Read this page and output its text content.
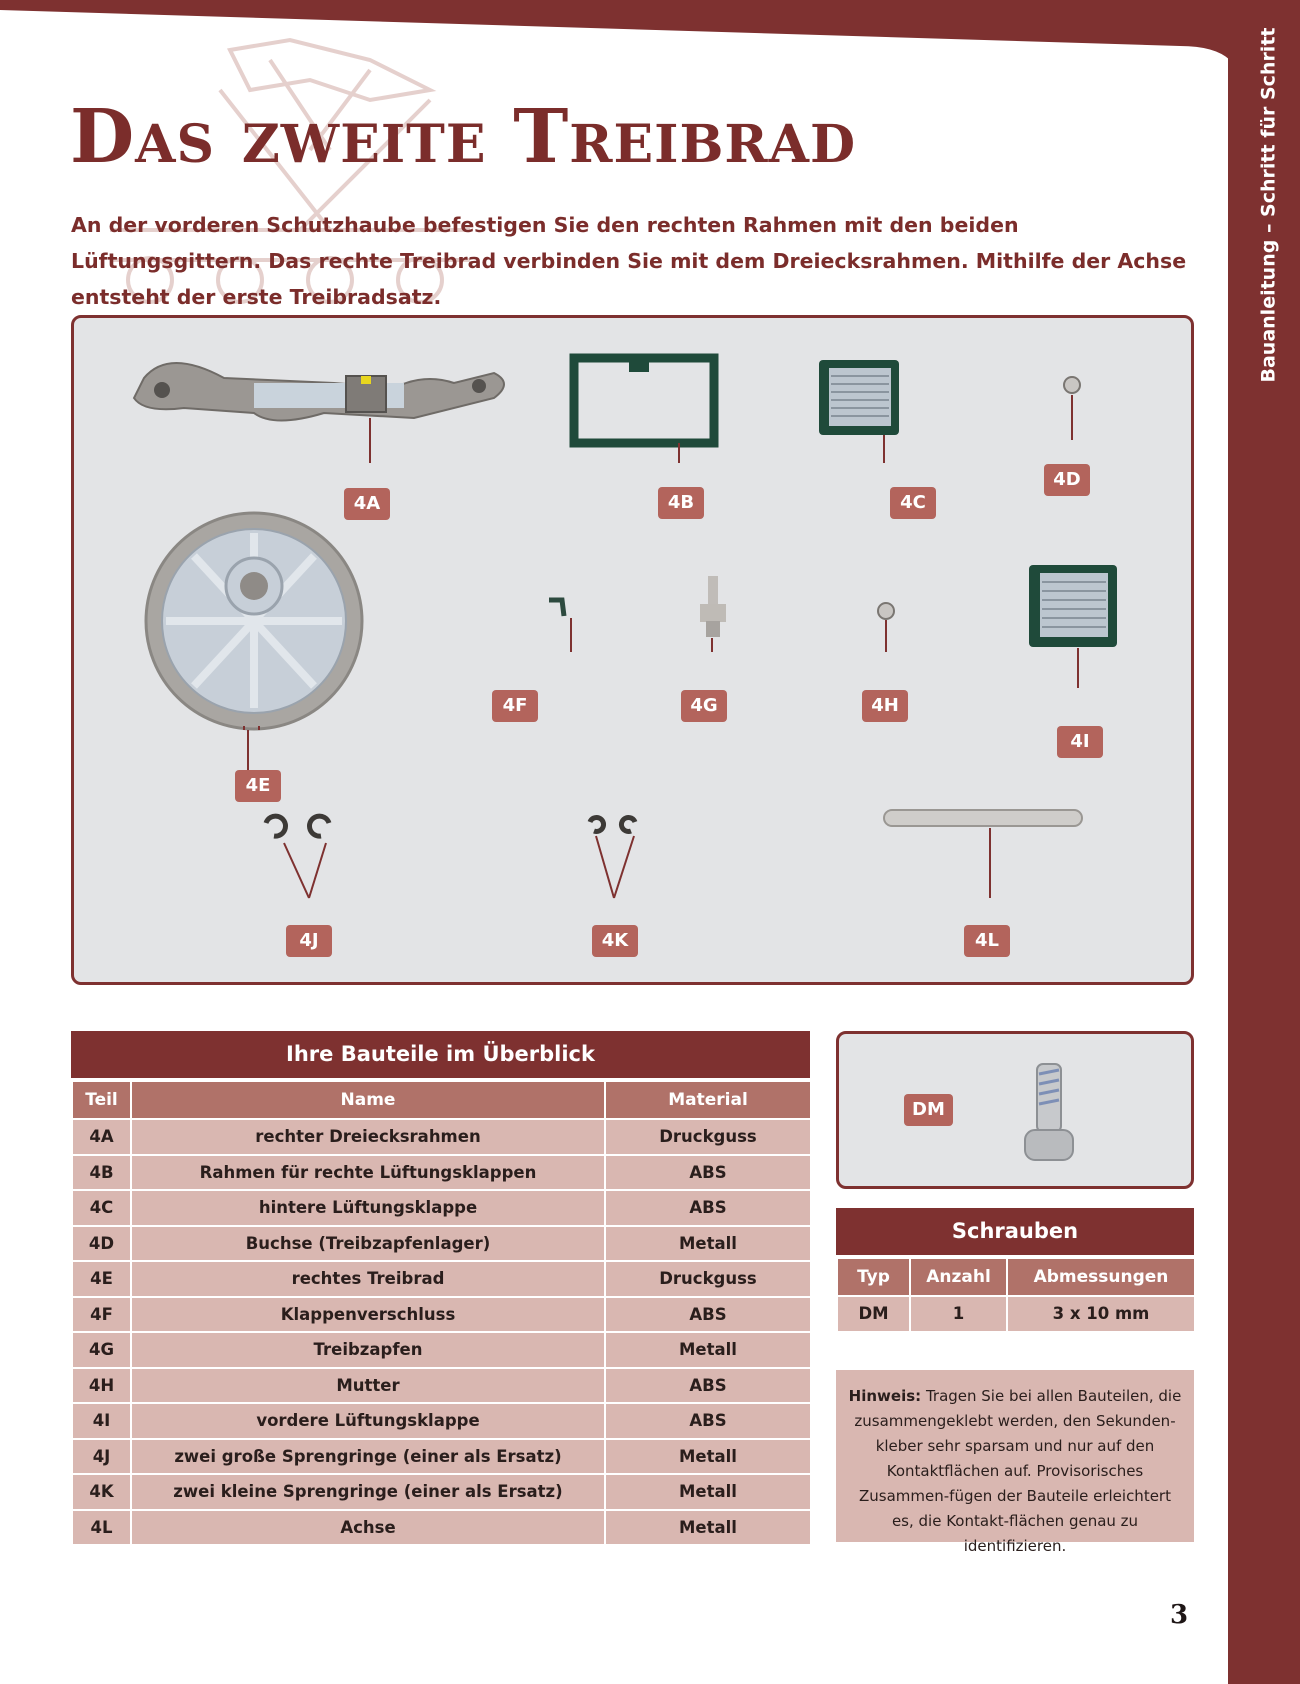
Bauanleitung – Schritt für Schritt
Das zweite Treibrad

An der vorderen Schutzhaube befestigen Sie den rechten Rahmen mit den beiden Lüftungsgittern. Das rechte Treibrad verbinden Sie mit dem Dreiecksrahmen. Mithilfe der Achse entsteht der erste Treibradsatz.

4A	4B	4C
4D
4E
4F	4G	4H
4I
4J	4K	4L
Ihre Bauteile im Überblick
Teil	Name	Material
4A	rechter Dreiecksrahmen	Druckguss
4B	Rahmen für rechte Lüftungsklappen	ABS
4C	hintere Lüftungsklappe	ABS
4D	Buchse (Treibzapfenlager)	Metall
4E	rechtes Treibrad	Druckguss
4F	Klappenverschluss	ABS
4G	Treibzapfen	Metall
4H	Mutter	ABS
4I	vordere Lüftungsklappe	ABS
4J	zwei große Sprengringe (einer als Ersatz)	Metall
4K	zwei kleine Sprengringe (einer als Ersatz)	Metall
4L	Achse	Metall
DM
Schrauben
Typ	Anzahl	Abmessungen
DM	1	3 x 10 mm
Hinweis: Tragen Sie bei allen Bauteilen, die zusammengeklebt werden, den Sekunden-kleber sehr sparsam und nur auf den Kontaktflächen auf. Provisorisches Zusammen-fügen der Bauteile erleichtert es, die Kontakt-flächen genau zu identifizieren.
3
